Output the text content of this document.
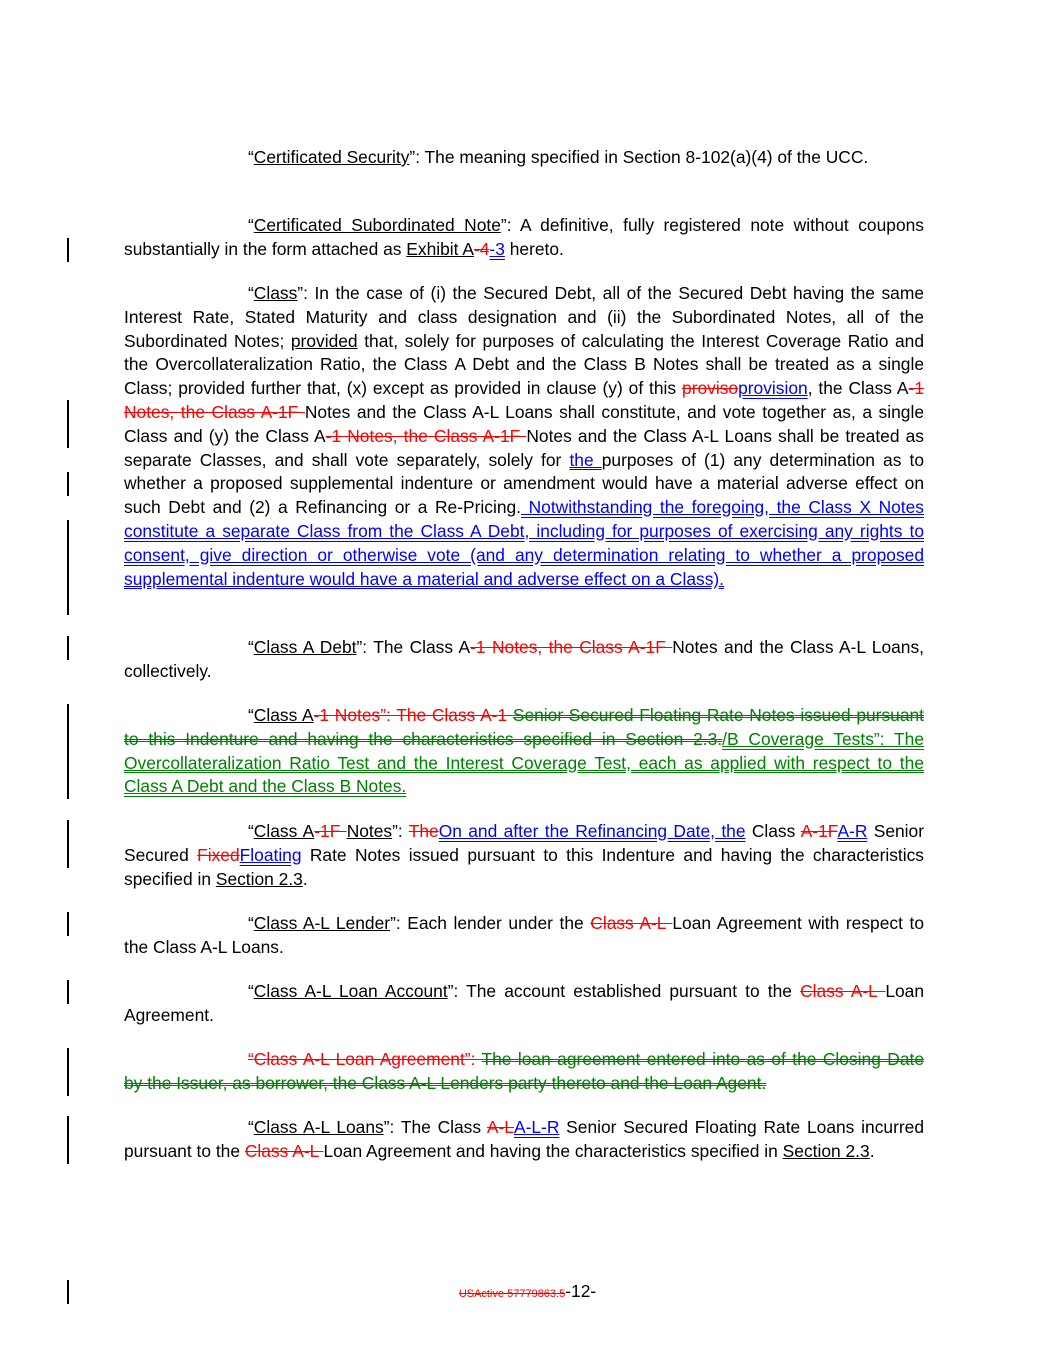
“Certificated Security”: The meaning specified in Section 8-102(a)(4) of the UCC.

“Certificated Subordinated Note”: A definitive, fully registered note without coupons substantially in the form attached as Exhibit A-4-3 hereto.

“Class”: In the case of (i) the Secured Debt, all of the Secured Debt having the same Interest Rate, Stated Maturity and class designation and (ii) the Subordinated Notes, all of the Subordinated Notes; provided that, solely for purposes of calculating the Interest Coverage Ratio and the Overcollateralization Ratio, the Class A Debt and the Class B Notes shall be treated as a single Class; provided further that, (x) except as provided in clause (y) of this provisoprovision, the Class A-1 Notes, the Class A-1F Notes and the Class A-L Loans shall constitute, and vote together as, a single Class and (y) the Class A-1 Notes, the Class A-1F Notes and the Class A-L Loans shall be treated as separate Classes, and shall vote separately, solely for the purposes of (1) any determination as to whether a proposed supplemental indenture or amendment would have a material adverse effect on such Debt and (2) a Refinancing or a Re-Pricing. Notwithstanding the foregoing, the Class X Notes constitute a separate Class from the Class A Debt, including for purposes of exercising any rights to consent, give direction or otherwise vote (and any determination relating to whether a proposed supplemental indenture would have a material and adverse effect on a Class).

“Class A Debt”: The Class A-1 Notes, the Class A-1F Notes and the Class A-L Loans, collectively.

“Class A-1 Notes”: The Class A-1 Senior Secured Floating Rate Notes issued pursuant to this Indenture and having the characteristics specified in Section 2.3./B Coverage Tests”: The Overcollateralization Ratio Test and the Interest Coverage Test, each as applied with respect to the Class A Debt and the Class B Notes.

“Class A-1F Notes”: TheOn and after the Refinancing Date, the Class A-1FA-R Senior Secured FixedFloating Rate Notes issued pursuant to this Indenture and having the characteristics specified in Section 2.3.

“Class A-L Lender”: Each lender under the Class A-L Loan Agreement with respect to the Class A-L Loans.

“Class A-L Loan Account”: The account established pursuant to the Class A-L Loan Agreement.

“Class A-L Loan Agreement”: The loan agreement entered into as of the Closing Date by the Issuer, as borrower, the Class A-L Lenders party thereto and the Loan Agent.

“Class A-L Loans”: The Class A-LA-L-R Senior Secured Floating Rate Loans incurred pursuant to the Class A-L Loan Agreement and having the characteristics specified in Section 2.3.

USActive 57779863.5-12-
